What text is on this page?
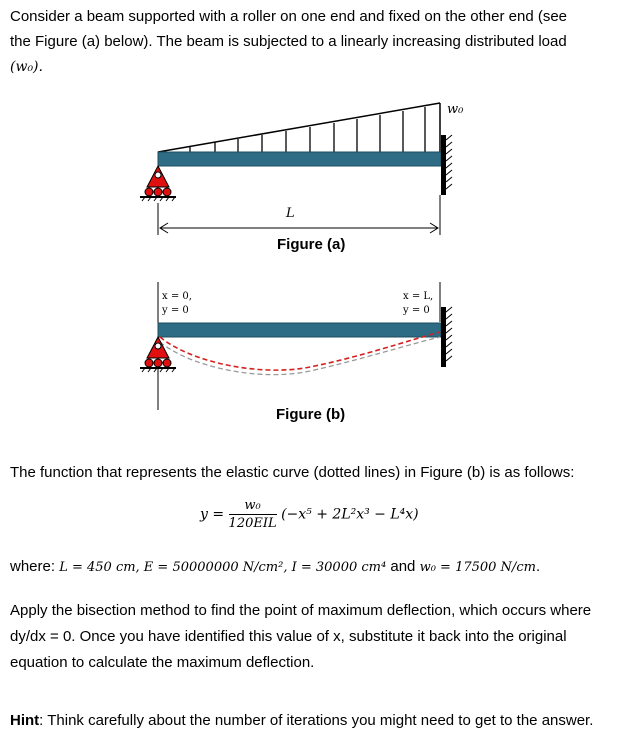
Consider a beam supported with a roller on one end and fixed on the other end (see
the Figure (a) below). The beam is subjected to a linearly increasing distributed load
(w₀).
w₀
L
Figure (a)
x = 0,
y = 0
x = L,
y = 0
Figure (b)
The function that represents the elastic curve (dotted lines) in Figure (b) is as follows:
$y = \frac{\text{w₀}}{\text{120EIL}} (-x^5 + 2L^2x^3 - L^4x)$
where: L = 450 cm, E = 50000000 N/cm², I = 30000 cm⁴ and w₀ = 17500 N/cm.
Apply the bisection method to find the point of maximum deflection, which occurs where
dy/dx = 0. Once you have identified this value of x, substitute it back into the original
equation to calculate the maximum deflection.
Hint: Think carefully about the number of iterations you might need to get to the answer.
